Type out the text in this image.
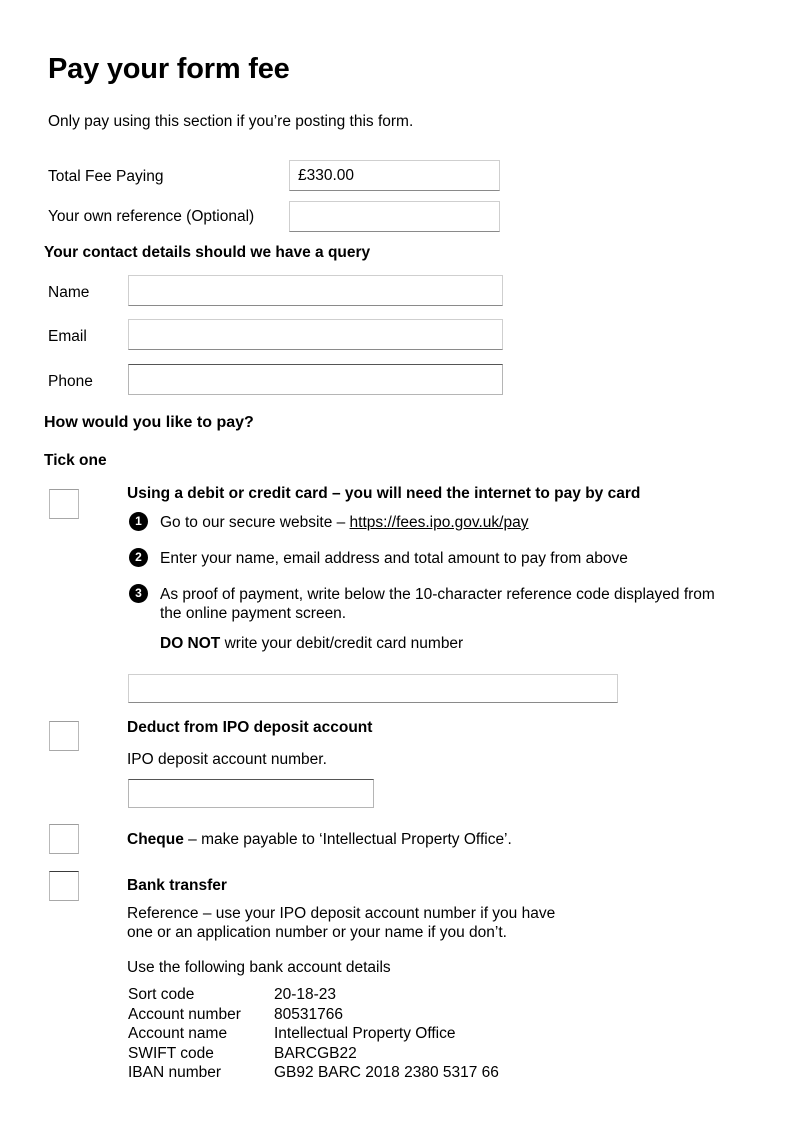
Pay your form fee
Only pay using this section if you’re posting this form.
Total Fee Paying
£330.00
Your own reference (Optional)
Your contact details should we have a query
Name
Email
Phone
How would you like to pay?
Tick one
Using a debit or credit card – you will need the internet to pay by card
1	Go to our secure website – https://fees.ipo.gov.uk/pay
2	Enter your name, email address and total amount to pay from above
3	As proof of payment, write below the 10-character reference code displayed from the online payment screen.
DO NOT write your debit/credit card number
Deduct from IPO deposit account
IPO deposit account number.
Cheque – make payable to ‘Intellectual Property Office’.
Bank transfer
Reference – use your IPO deposit account number if you have
one or an application number or your name if you don’t.
Use the following bank account details
Sort code	20-18-23
Account number	80531766
Account name	Intellectual Property Office
SWIFT code	BARCGB22
IBAN number	GB92 BARC 2018 2380 5317 66
